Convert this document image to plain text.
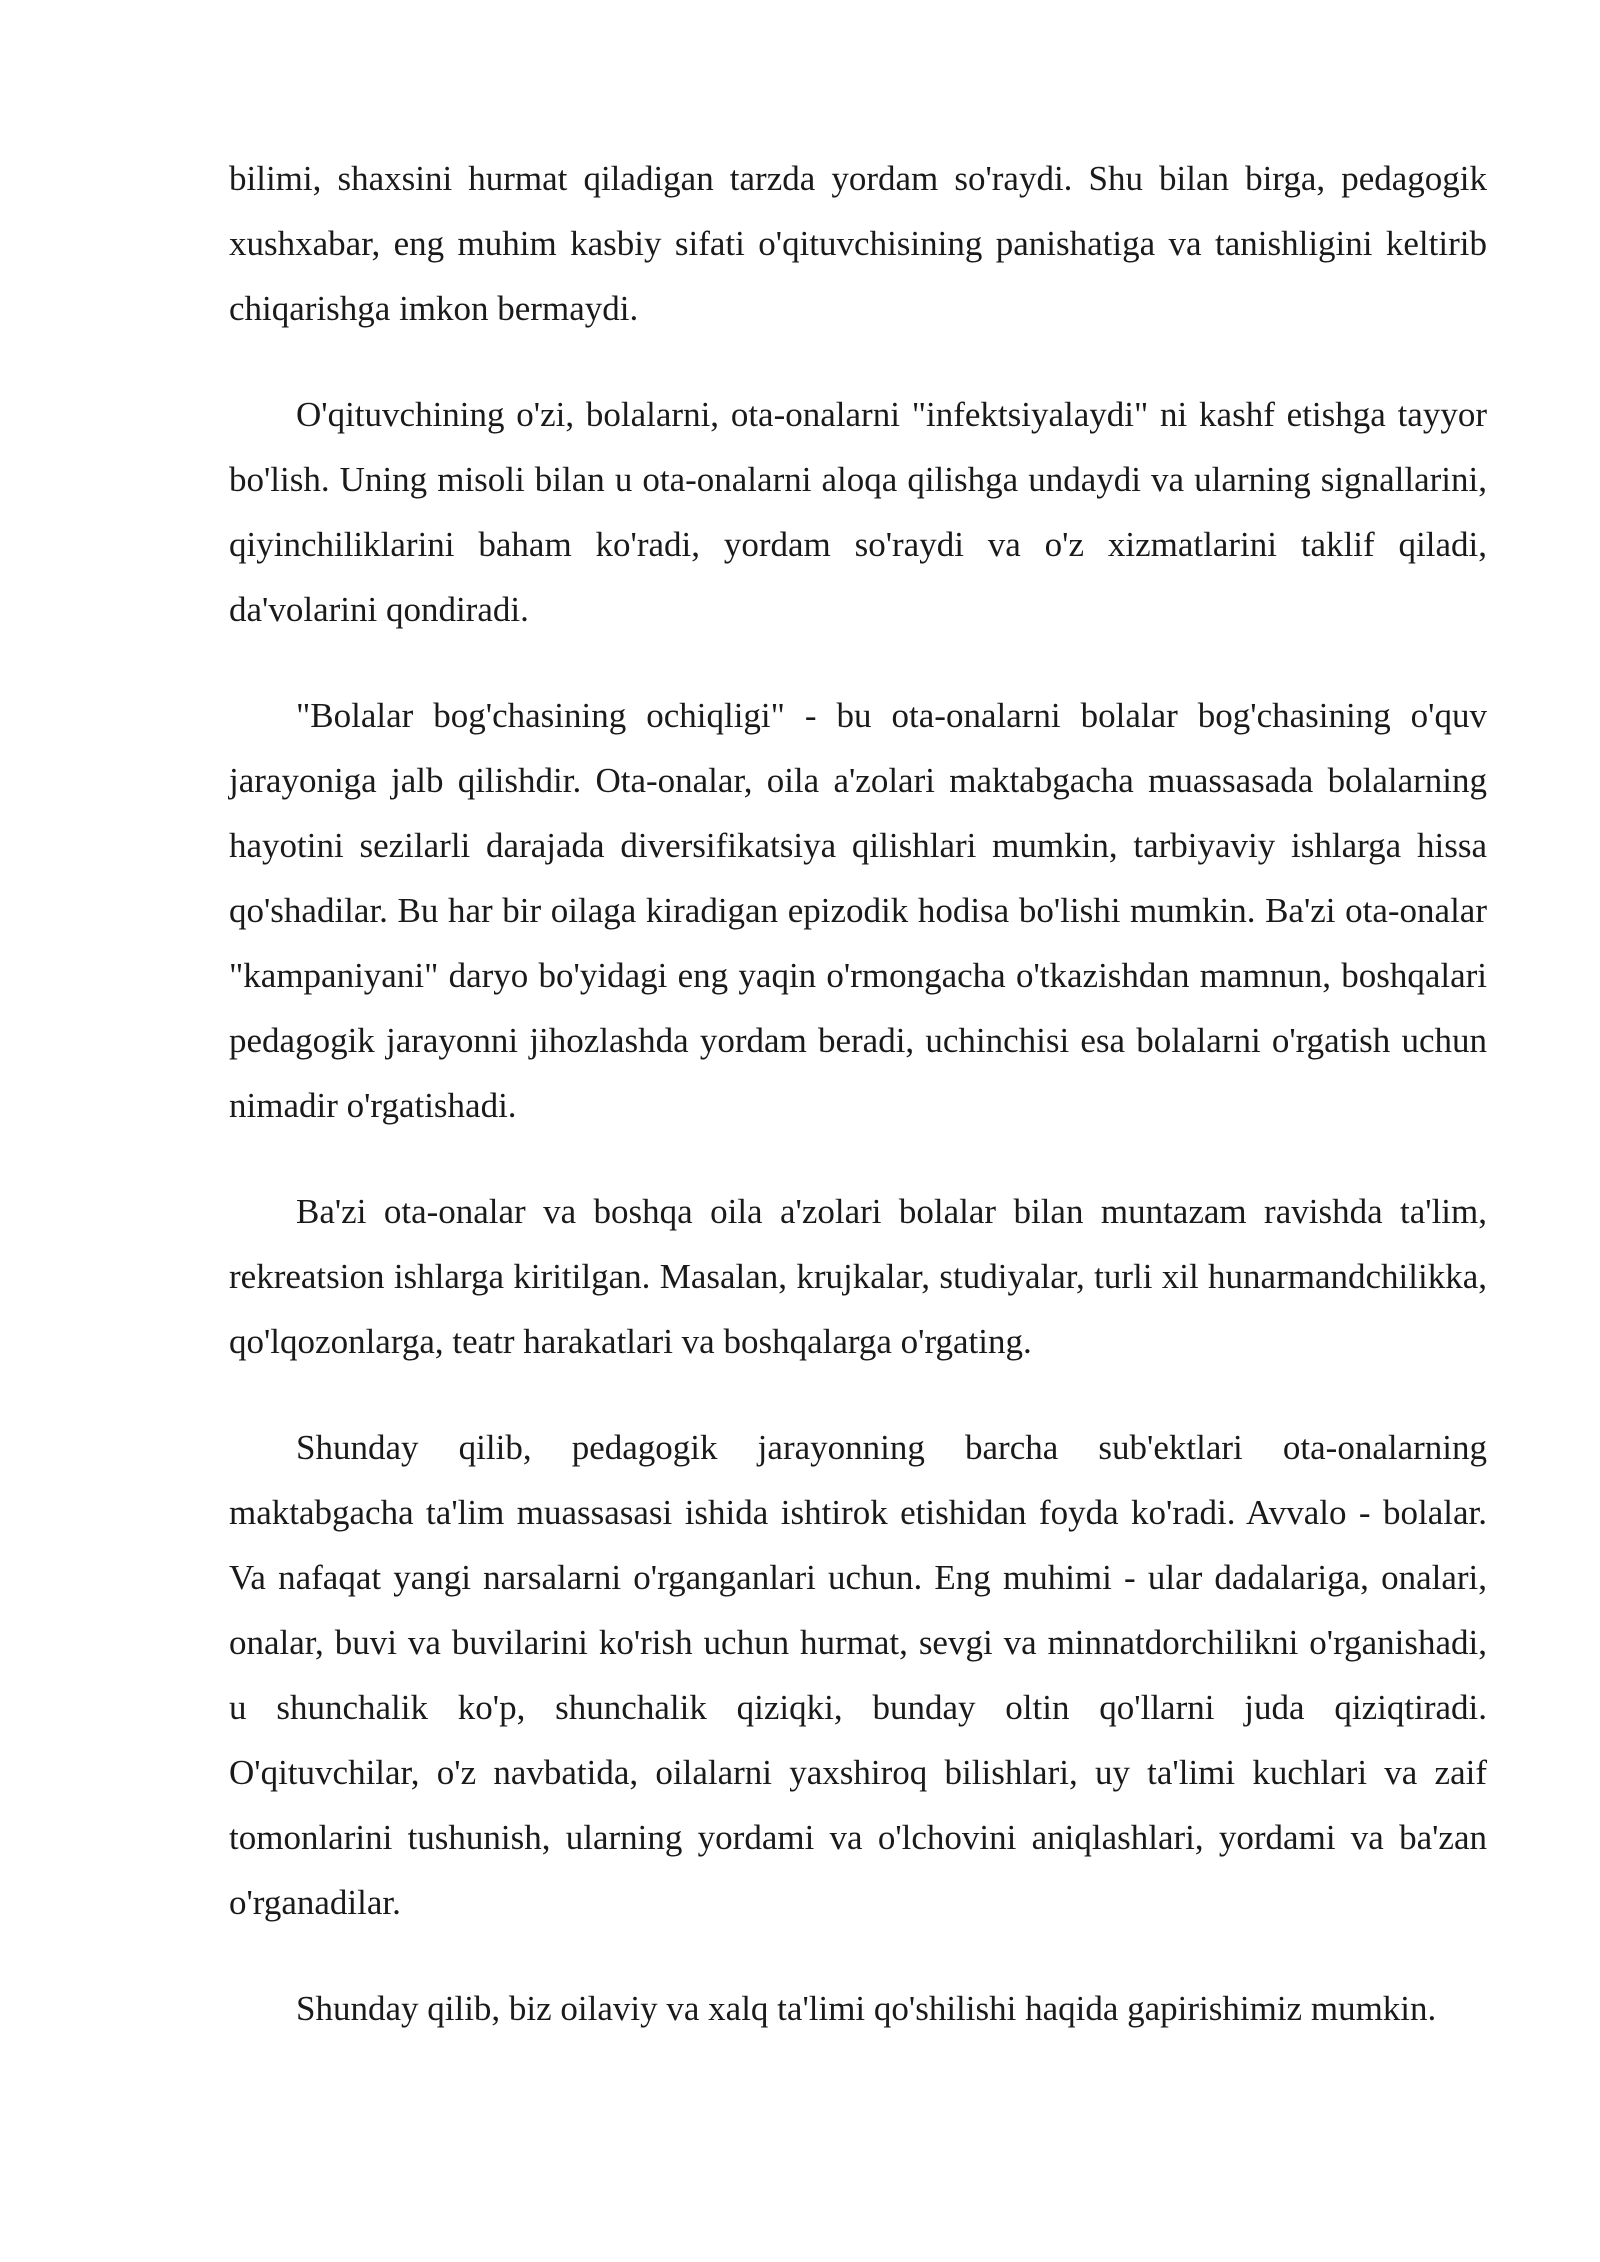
bilimi, shaxsini hurmat qiladigan tarzda yordam so'raydi. Shu bilan birga, pedagogik xushxabar, eng muhim kasbiy sifati o'qituvchisining panishatiga va tanishligini keltirib chiqarishga imkon bermaydi.

O'qituvchining o'zi, bolalarni, ota-onalarni "infektsiyalaydi" ni kashf etishga tayyor bo'lish. Uning misoli bilan u ota-onalarni aloqa qilishga undaydi va ularning signallarini, qiyinchiliklarini baham ko'radi, yordam so'raydi va o'z xizmatlarini taklif qiladi, da'volarini qondiradi.

"Bolalar bog'chasining ochiqligi" - bu ota-onalarni bolalar bog'chasining o'quv jarayoniga jalb qilishdir. Ota-onalar, oila a'zolari maktabgacha muassasada bolalarning hayotini sezilarli darajada diversifikatsiya qilishlari mumkin, tarbiyaviy ishlarga hissa qo'shadilar. Bu har bir oilaga kiradigan epizodik hodisa bo'lishi mumkin. Ba'zi ota-onalar "kampaniyani" daryo bo'yidagi eng yaqin o'rmongacha o'tkazishdan mamnun, boshqalari pedagogik jarayonni jihozlashda yordam beradi, uchinchisi esa bolalarni o'rgatish uchun nimadir o'rgatishadi.

Ba'zi ota-onalar va boshqa oila a'zolari bolalar bilan muntazam ravishda ta'lim, rekreatsion ishlarga kiritilgan. Masalan, krujkalar, studiyalar, turli xil hunarmandchilikka, qo'lqozonlarga, teatr harakatlari va boshqalarga o'rgating.

Shunday qilib, pedagogik jarayonning barcha sub'ektlari ota-onalarning maktabgacha ta'lim muassasasi ishida ishtirok etishidan foyda ko'radi. Avvalo - bolalar. Va nafaqat yangi narsalarni o'rganganlari uchun. Eng muhimi - ular dadalariga, onalari, onalar, buvi va buvilarini ko'rish uchun hurmat, sevgi va minnatdorchilikni o'rganishadi, u shunchalik ko'p, shunchalik qiziqki, bunday oltin qo'llarni juda qiziqtiradi. O'qituvchilar, o'z navbatida, oilalarni yaxshiroq bilishlari, uy ta'limi kuchlari va zaif tomonlarini tushunish, ularning yordami va o'lchovini aniqlashlari, yordami va ba'zan o'rganadilar.

Shunday qilib, biz oilaviy va xalq ta'limi qo'shilishi haqida gapirishimiz mumkin.
